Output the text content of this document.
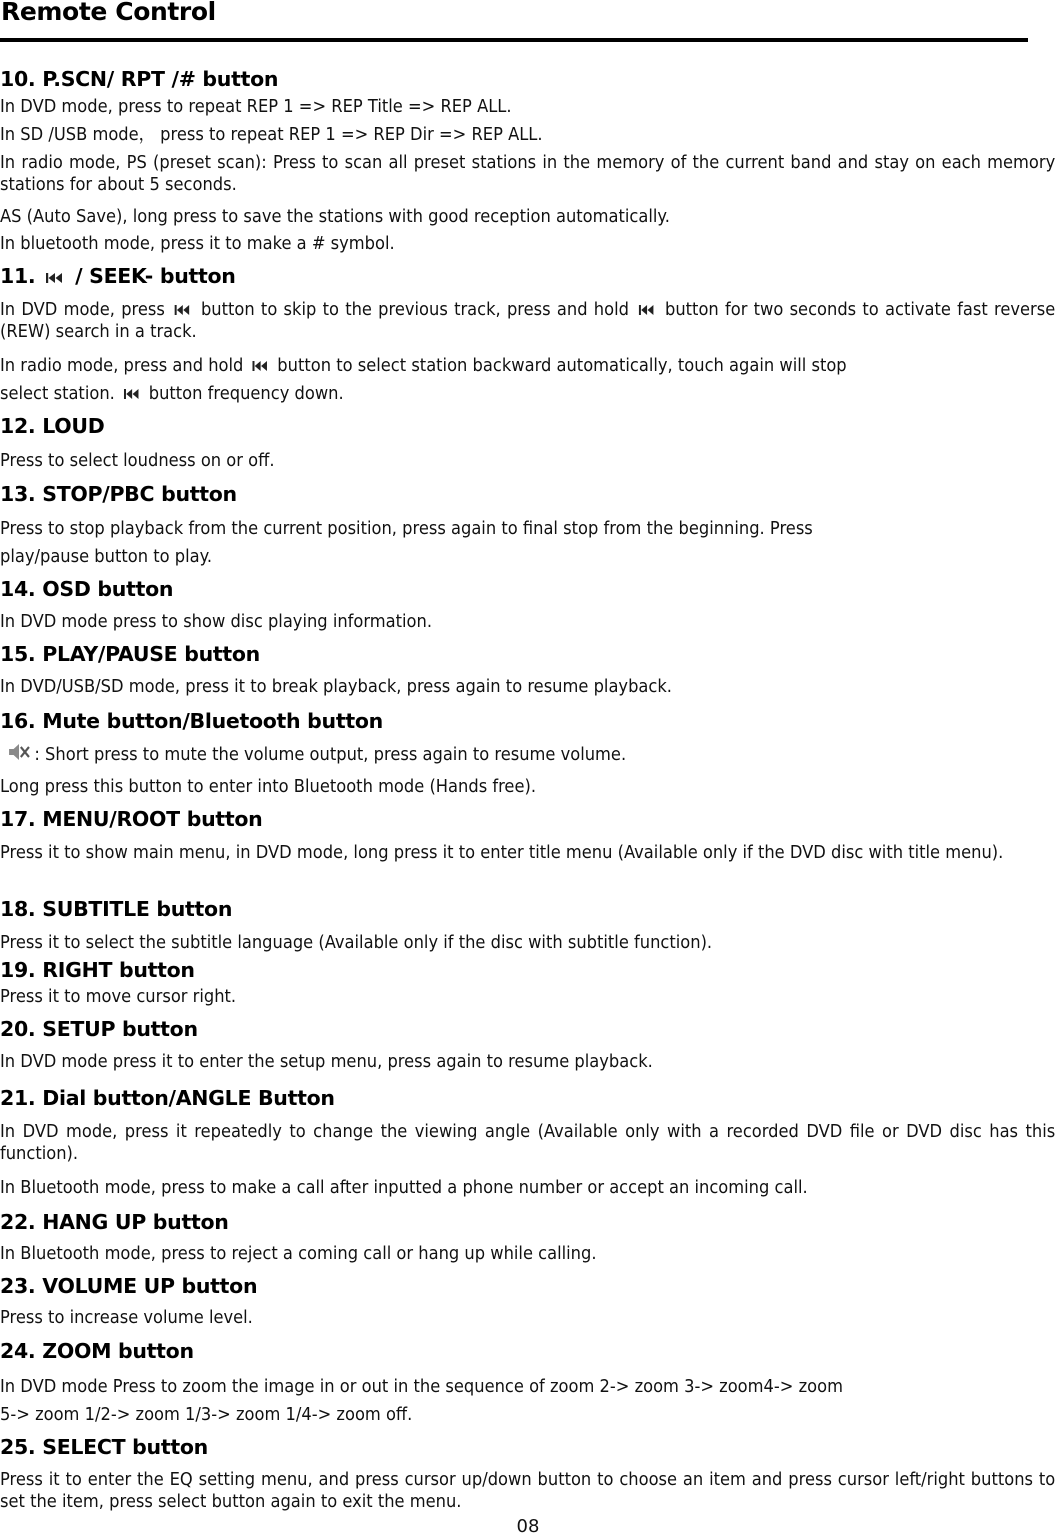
Remote Control
10. P.SCN/ RPT /# button
In DVD mode, press to repeat REP 1 => REP Title => REP ALL.
In SD /USB mode， press to repeat REP 1 => REP Dir => REP ALL.
In radio mode, PS (preset scan): Press to scan all preset stations in the memory of the current band and stay on each memory stations for about 5 seconds.
AS (Auto Save), long press to save the stations with good reception automatically.
In bluetooth mode, press it to make a # symbol.
11. / SEEK- button
In DVD mode, press button to skip to the previous track, press and hold button for two seconds to activate fast reverse (REW) search in a track.
In radio mode, press and hold button to select station backward automatically, touch again will stop
select station. button frequency down.
12. LOUD
Press to select loudness on or off.
13. STOP/PBC button
Press to stop playback from the current position, press again to final stop from the beginning. Press
play/pause button to play.
14. OSD button
In DVD mode press to show disc playing information.
15. PLAY/PAUSE button
In DVD/USB/SD mode, press it to break playback, press again to resume playback.
16. Mute button/Bluetooth button
: Short press to mute the volume output, press again to resume volume.
Long press this button to enter into Bluetooth mode (Hands free).
17. MENU/ROOT button
Press it to show main menu, in DVD mode, long press it to enter title menu (Available only if the DVD disc with title menu).
18. SUBTITLE button
Press it to select the subtitle language (Available only if the disc with subtitle function).
19. RIGHT button
Press it to move cursor right.
20. SETUP button
In DVD mode press it to enter the setup menu, press again to resume playback.
21. Dial button/ANGLE Button
In DVD mode, press it repeatedly to change the viewing angle (Available only with a recorded DVD file or DVD disc has this function).
In Bluetooth mode, press to make a call after inputted a phone number or accept an incoming call.
22. HANG UP button
In Bluetooth mode, press to reject a coming call or hang up while calling.
23. VOLUME UP button
Press to increase volume level.
24. ZOOM button
In DVD mode Press to zoom the image in or out in the sequence of zoom 2-> zoom 3-> zoom4-> zoom
5-> zoom 1/2-> zoom 1/3-> zoom 1/4-> zoom off.
25. SELECT button
Press it to enter the EQ setting menu, and press cursor up/down button to choose an item and press cursor left/right buttons to set the item, press select button again to exit the menu.
08
